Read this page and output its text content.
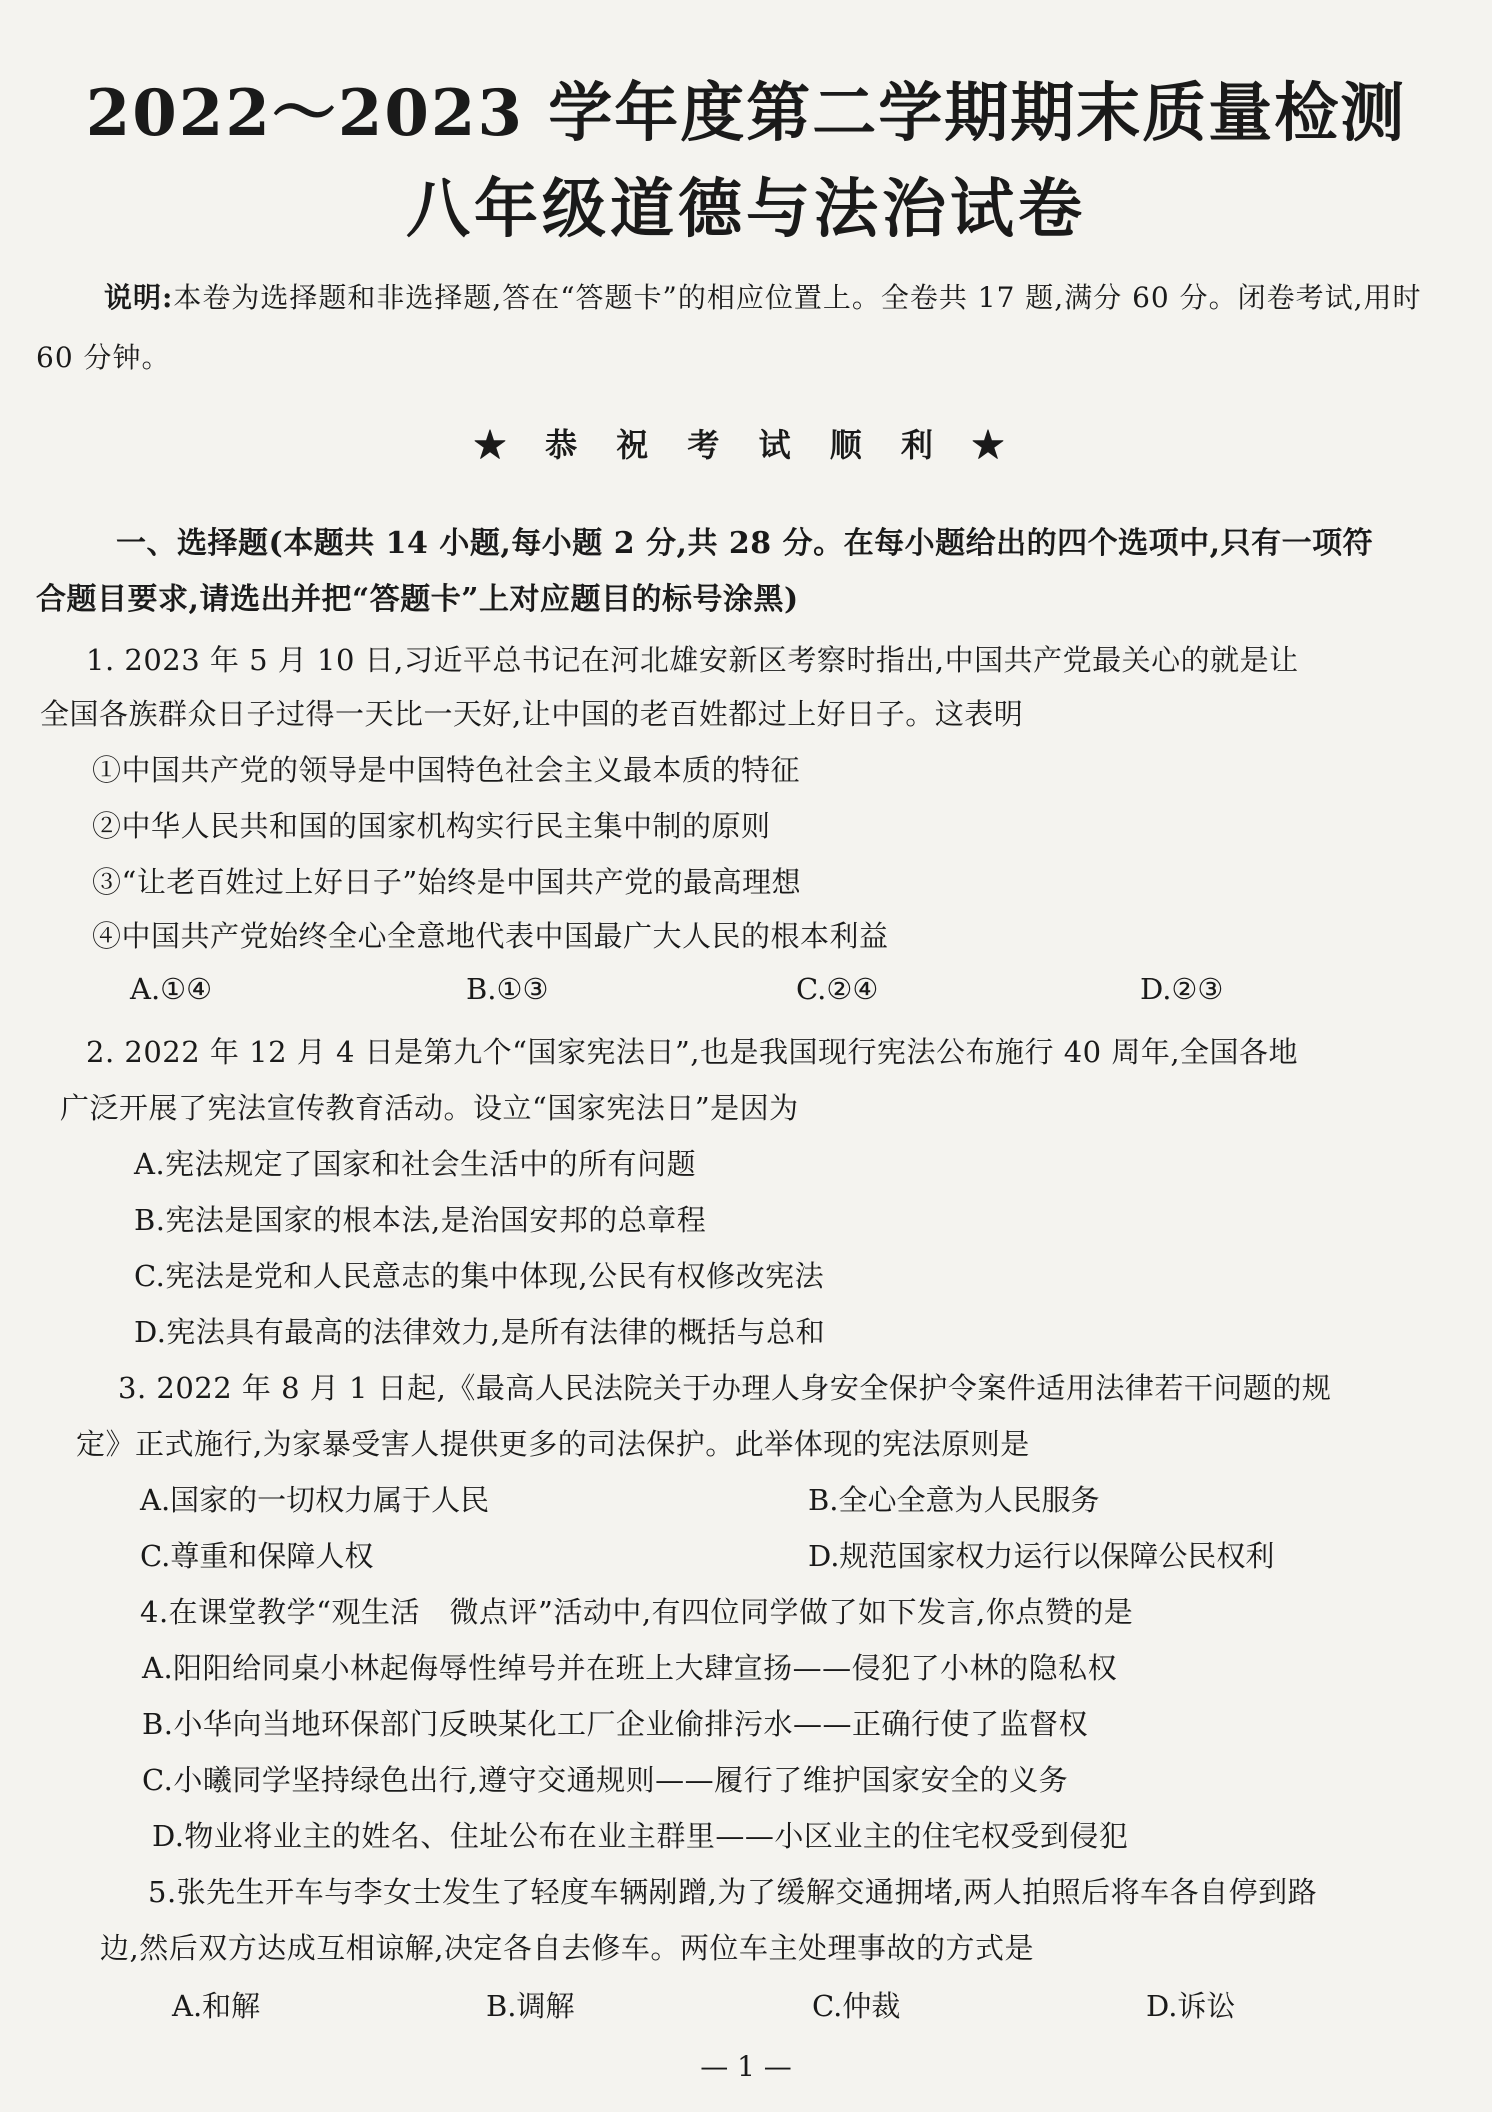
2022～2023 学年度第二学期期末质量检测
八年级道德与法治试卷
说明:本卷为选择题和非选择题,答在“答题卡”的相应位置上。全卷共 17 题,满分 60 分。闭卷考试,用时 60 分钟。
★ 恭 祝 考 试 顺 利 ★
一、选择题(本题共 14 小题,每小题 2 分,共 28 分。在每小题给出的四个选项中,只有一项符
合题目要求,请选出并把“答题卡”上对应题目的标号涂黑)
1. 2023 年 5 月 10 日,习近平总书记在河北雄安新区考察时指出,中国共产党最关心的就是让
全国各族群众日子过得一天比一天好,让中国的老百姓都过上好日子。这表明
①中国共产党的领导是中国特色社会主义最本质的特征
②中华人民共和国的国家机构实行民主集中制的原则
③“让老百姓过上好日子”始终是中国共产党的最高理想
④中国共产党始终全心全意地代表中国最广大人民的根本利益
A.①④	B.①③	C.②④	D.②③
2. 2022 年 12 月 4 日是第九个“国家宪法日”,也是我国现行宪法公布施行 40 周年,全国各地
广泛开展了宪法宣传教育活动。设立“国家宪法日”是因为
A.宪法规定了国家和社会生活中的所有问题
B.宪法是国家的根本法,是治国安邦的总章程
C.宪法是党和人民意志的集中体现,公民有权修改宪法
D.宪法具有最高的法律效力,是所有法律的概括与总和
3. 2022 年 8 月 1 日起,《最高人民法院关于办理人身安全保护令案件适用法律若干问题的规
定》正式施行,为家暴受害人提供更多的司法保护。此举体现的宪法原则是
A.国家的一切权力属于人民	B.全心全意为人民服务
C.尊重和保障人权	D.规范国家权力运行以保障公民权利
4.在课堂教学“观生活　微点评”活动中,有四位同学做了如下发言,你点赞的是
A.阳阳给同桌小林起侮辱性绰号并在班上大肆宣扬——侵犯了小林的隐私权
B.小华向当地环保部门反映某化工厂企业偷排污水——正确行使了监督权
C.小曦同学坚持绿色出行,遵守交通规则——履行了维护国家安全的义务
D.物业将业主的姓名、住址公布在业主群里——小区业主的住宅权受到侵犯
5.张先生开车与李女士发生了轻度车辆剐蹭,为了缓解交通拥堵,两人拍照后将车各自停到路
边,然后双方达成互相谅解,决定各自去修车。两位车主处理事故的方式是
A.和解	B.调解	C.仲裁	D.诉讼
— 1 —
